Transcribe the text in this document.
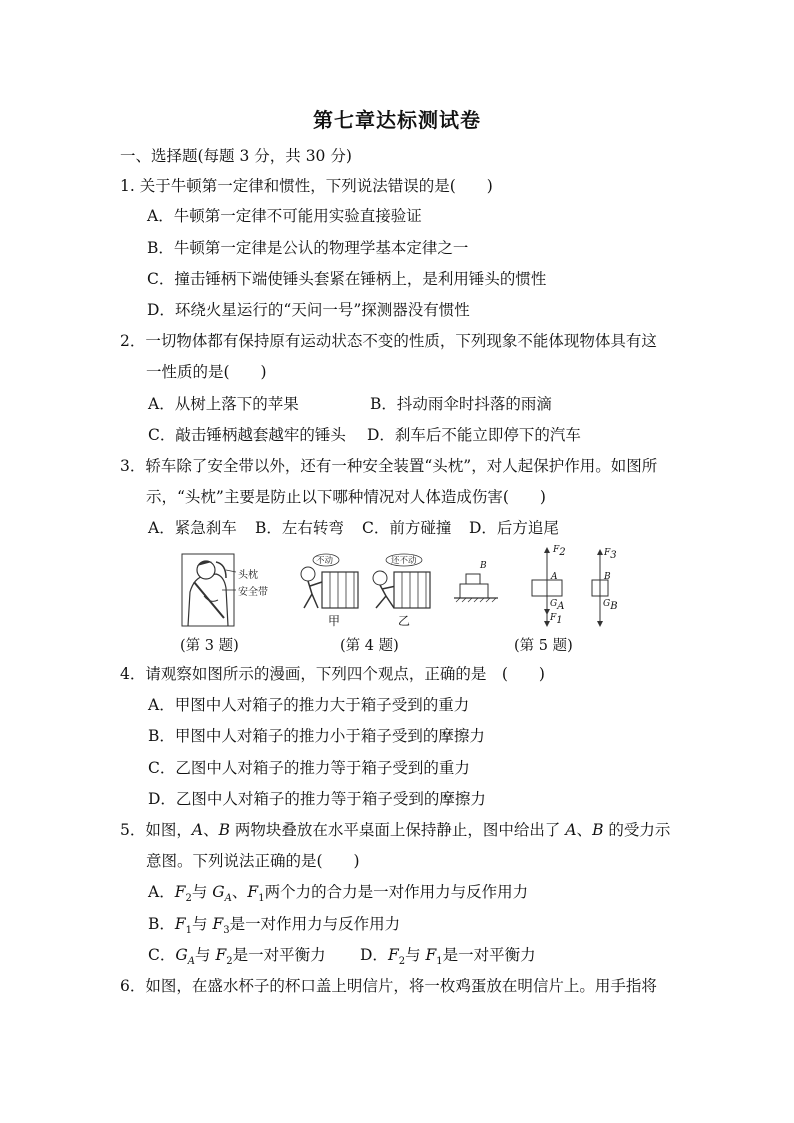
第七章达标测试卷
一、选择题(每题 3 分，共 30 分)
1. 关于牛顿第一定律和惯性，下列说法错误的是(　　)
A．牛顿第一定律不可能用实验直接验证
B．牛顿第一定律是公认的物理学基本定律之一
C．撞击锤柄下端使锤头套紧在锤柄上，是利用锤头的惯性
D．环绕火星运行的“天问一号”探测器没有惯性
2．一切物体都有保持原有运动状态不变的性质，下列现象不能体现物体具有这
一性质的是(　　)
A．从树上落下的苹果	B．抖动雨伞时抖落的雨滴
C．敲击锤柄越套越牢的锤头 D．刹车后不能立即停下的汽车
3．轿车除了安全带以外，还有一种安全装置“头枕”，对人起保护作用。如图所
示，“头枕”主要是防止以下哪种情况对人体造成伤害(　　)
A．紧急刹车 B．左右转弯 C．前方碰撞 D．后方追尾
头枕
安全带
(第 3 题)
不动	还不动
甲	乙
(第 4 题)
B
$F_2$
A
$G_A$
$F_1$
$F_3$
B
$G_B$
(第 5 题)
4．请观察如图所示的漫画，下列四个观点，正确的是　(　　)
A．甲图中人对箱子的推力大于箱子受到的重力
B．甲图中人对箱子的推力小于箱子受到的摩擦力
C．乙图中人对箱子的推力等于箱子受到的重力
D．乙图中人对箱子的推力等于箱子受到的摩擦力
5．如图，A、B 两物块叠放在水平桌面上保持静止，图中给出了 A、B 的受力示
意图。下列说法正确的是(　　)
A．$F_2$与 $G_A$、$F_1$两个力的合力是一对作用力与反作用力
B．$F_1$与 $F_3$是一对作用力与反作用力
C．$G_A$与 $F_2$是一对平衡力 D．$F_2$与 $F_1$是一对平衡力
6．如图，在盛水杯子的杯口盖上明信片，将一枚鸡蛋放在明信片上。用手指将
